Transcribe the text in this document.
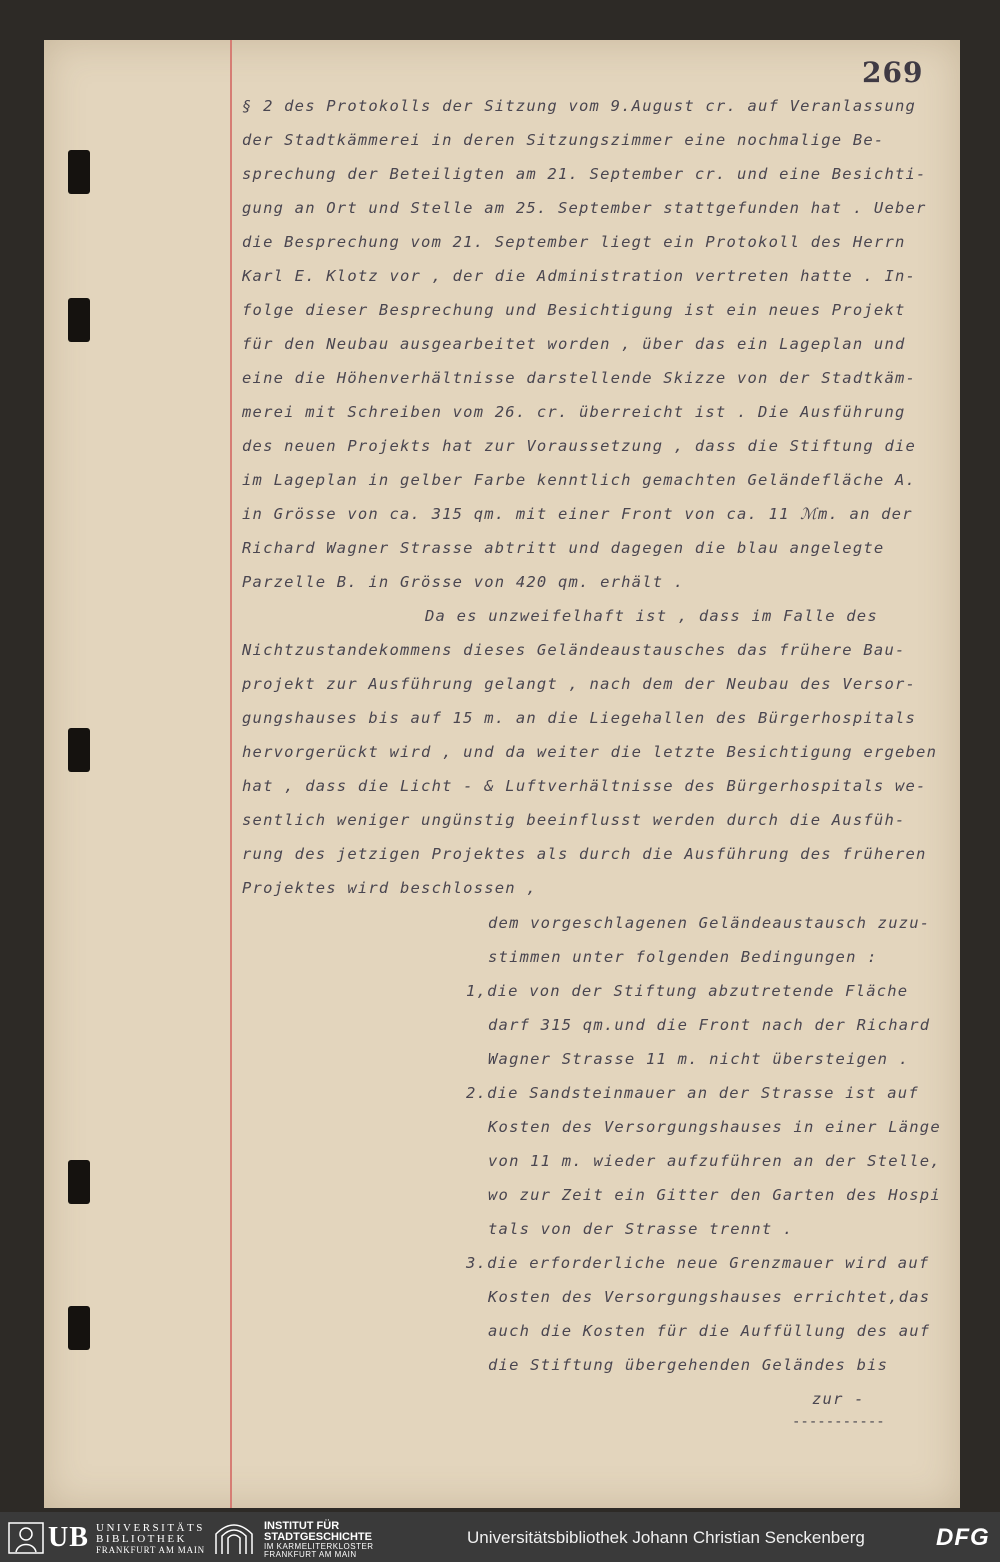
269
§ 2 des Protokolls der Sitzung vom 9.August cr. auf Veranlassung
der Stadtkämmerei in deren Sitzungszimmer eine nochmalige Be-
sprechung der Beteiligten am 21. September cr. und eine Besichti-
gung an Ort und Stelle am 25. September stattgefunden hat . Ueber
die Besprechung vom 21. September liegt ein Protokoll des Herrn
Karl E. Klotz vor , der die Administration vertreten hatte . In-
folge dieser Besprechung und Besichtigung ist ein neues Projekt
für den Neubau ausgearbeitet worden , über das ein Lageplan und
eine die Höhenverhältnisse darstellende Skizze von der Stadtkäm-
merei mit Schreiben vom 26. cr. überreicht ist . Die Ausführung
des neuen Projekts hat zur Voraussetzung , dass die Stiftung die
im Lageplan in gelber Farbe kenntlich gemachten Geländefläche A.
in Grösse von ca. 315 qm. mit einer Front von ca. 11 ℳm. an der
Richard Wagner Strasse abtritt und dagegen die blau angelegte
Parzelle B. in Grösse von 420 qm. erhält .
Da es unzweifelhaft ist , dass im Falle des
Nichtzustandekommens dieses Geländeaustausches das frühere Bau-
projekt zur Ausführung gelangt , nach dem der Neubau des Versor-
gungshauses bis auf 15 m. an die Liegehallen des Bürgerhospitals
hervorgerückt wird , und da weiter die letzte Besichtigung ergeben
hat , dass die Licht - & Luftverhältnisse des Bürgerhospitals we-
sentlich weniger ungünstig beeinflusst werden durch die Ausfüh-
rung des jetzigen Projektes als durch die Ausführung des früheren
Projektes wird beschlossen ,
dem vorgeschlagenen Geländeaustausch zuzu-
stimmen unter folgenden Bedingungen :
1,die von der Stiftung abzutretende Fläche
darf 315 qm.und die Front nach der Richard
Wagner Strasse 11 m. nicht übersteigen .
2.die Sandsteinmauer an der Strasse ist auf
Kosten des Versorgungshauses in einer Länge
von 11 m. wieder aufzuführen an der Stelle,
wo zur Zeit ein Gitter den Garten des Hospi
tals von der Strasse trennt .
3.die erforderliche neue Grenzmauer wird auf
Kosten des Versorgungshauses errichtet,das
auch die Kosten für die Auffüllung des auf
die Stiftung übergehenden Geländes bis
zur -
-----------
UB UNIVERSITÄTS
BIBLIOTHEK
FRANKFURT AM MAIN
INSTITUT FÜR
STADTGESCHICHTE
IM KARMELITERKLOSTER
FRANKFURT AM MAIN
Universitätsbibliothek Johann Christian Senckenberg	DFG
